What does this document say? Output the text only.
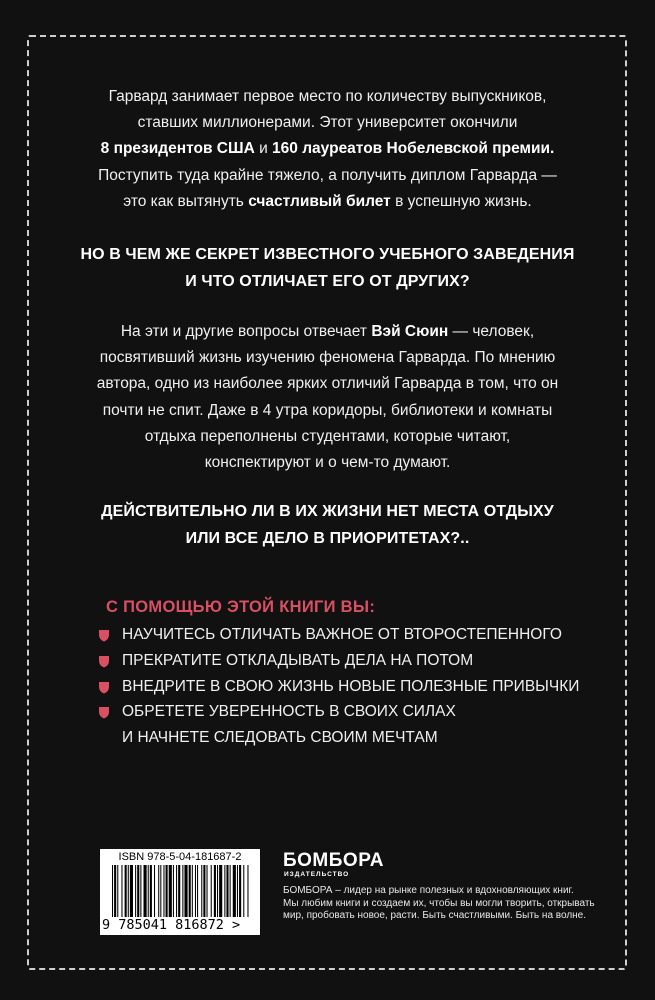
Гарвард занимает первое место по количеству выпускников,

ставших миллионерами. Этот университет окончили

8 президентов США и 160 лауреатов Нобелевской премии.

Поступить туда крайне тяжело, а получить диплом Гарварда —

это как вытянуть счастливый билет в успешную жизнь.

НО В ЧЕМ ЖЕ СЕКРЕТ ИЗВЕСТНОГО УЧЕБНОГО ЗАВЕДЕНИЯ
И ЧТО ОТЛИЧАЕТ ЕГО ОТ ДРУГИХ?

На эти и другие вопросы отвечает Вэй Сюин — человек,

посвятивший жизнь изучению феномена Гарварда. По мнению

автора, одно из наиболее ярких отличий Гарварда в том, что он

почти не спит. Даже в 4 утра коридоры, библиотеки и комнаты

отдыха переполнены студентами, которые читают,

конспектируют и о чем-то думают.

ДЕЙСТВИТЕЛЬНО ЛИ В ИХ ЖИЗНИ НЕТ МЕСТА ОТДЫХУ
ИЛИ ВСЕ ДЕЛО В ПРИОРИТЕТАХ?..
С ПОМОЩЬЮ ЭТОЙ КНИГИ ВЫ:
НАУЧИТЕСЬ ОТЛИЧАТЬ ВАЖНОЕ ОТ ВТОРОСТЕПЕННОГО
ПРЕКРАТИТЕ ОТКЛАДЫВАТЬ ДЕЛА НА ПОТОМ
ВНЕДРИТЕ В СВОЮ ЖИЗНЬ НОВЫЕ ПОЛЕЗНЫЕ ПРИВЫЧКИ
ОБРЕТЕТЕ УВЕРЕННОСТЬ В СВОИХ СИЛАХ
И НАЧНЕТЕ СЛЕДОВАТЬ СВОИМ МЕЧТАМ
ISBN 978-5-04-181687-2
9 785041 816872 >
БОМБОРА
ИЗДАТЕЛЬСТВО

БОМБОРА – лидер на рынке полезных и вдохновляющих книг.

Мы любим книги и создаем их, чтобы вы могли творить, открывать

мир, пробовать новое, расти. Быть счастливыми. Быть на волне.
